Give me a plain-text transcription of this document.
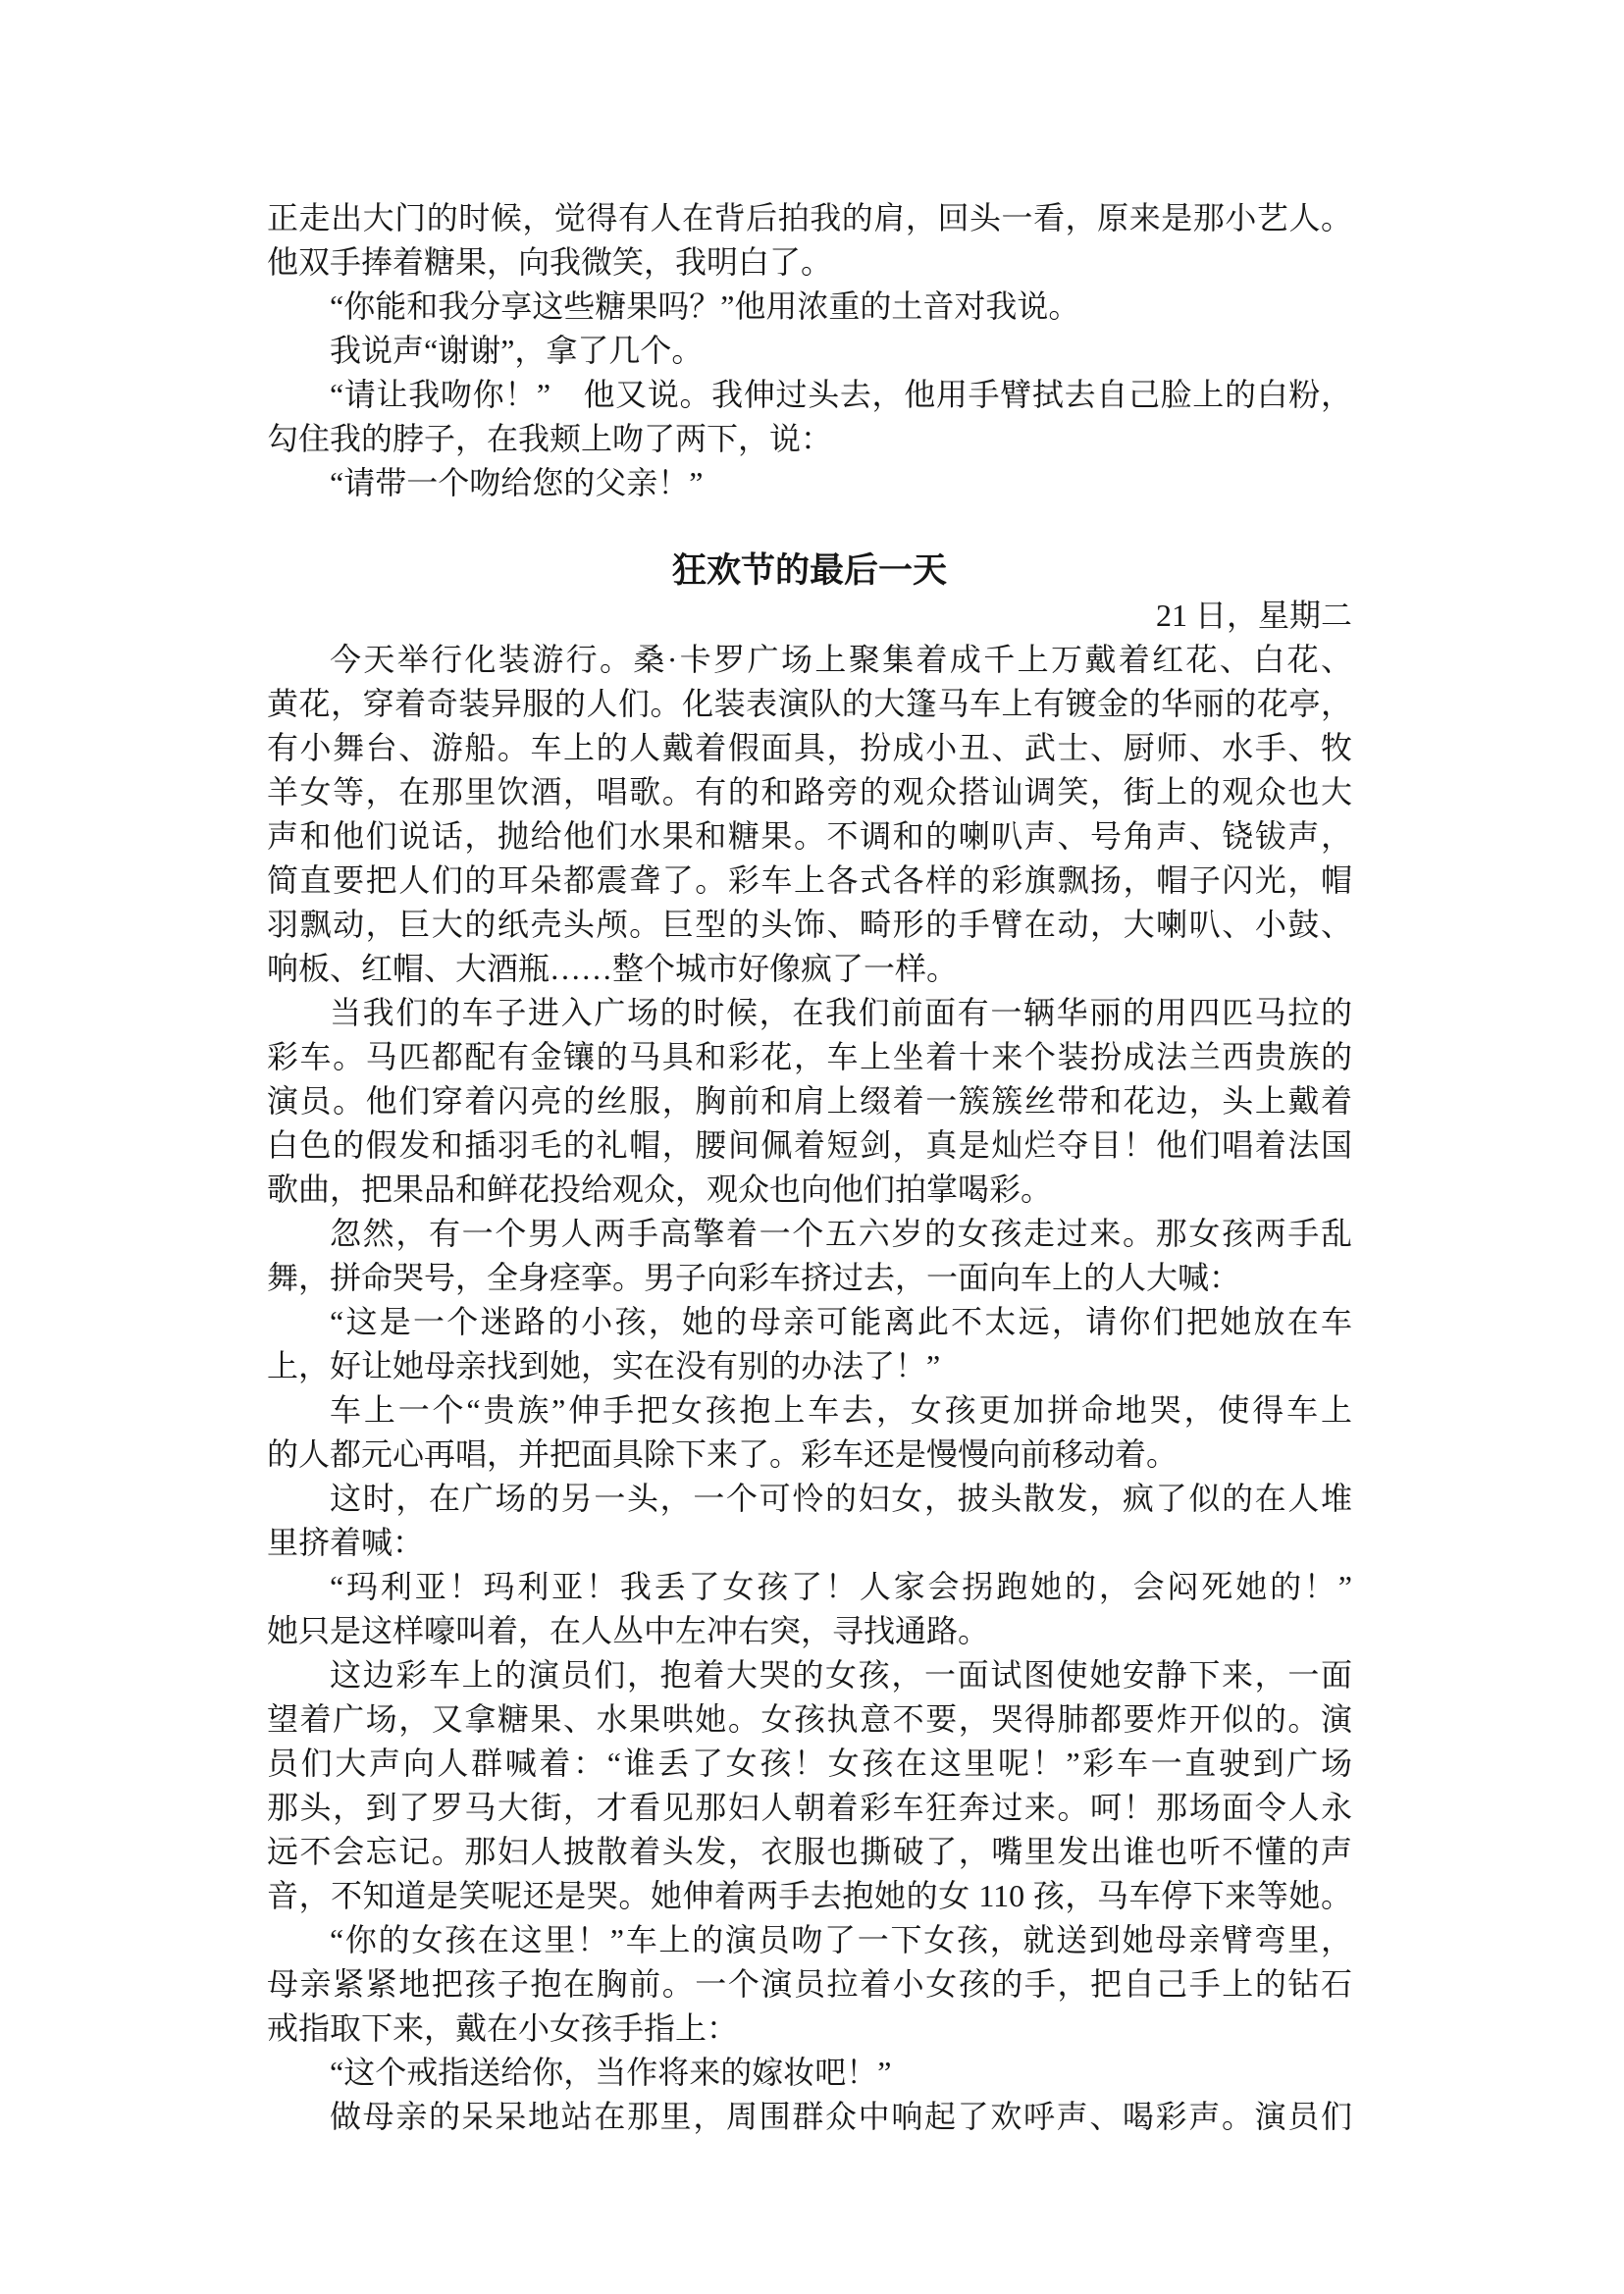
正走出大门的时候，觉得有人在背后拍我的肩，回头一看，原来是那小艺人。
他双手捧着糖果，向我微笑，我明白了。
“你能和我分享这些糖果吗？”他用浓重的土音对我说。
我说声“谢谢”，拿了几个。
“请让我吻你！”　他又说。我伸过头去，他用手臂拭去自己脸上的白粉，
勾住我的脖子，在我颊上吻了两下，说：
“请带一个吻给您的父亲！”
狂欢节的最后一天
21 日，星期二
今天举行化装游行。桑·卡罗广场上聚集着成千上万戴着红花、白花、
黄花，穿着奇装异服的人们。化装表演队的大篷马车上有镀金的华丽的花亭，
有小舞台、游船。车上的人戴着假面具，扮成小丑、武士、厨师、水手、牧
羊女等，在那里饮酒，唱歌。有的和路旁的观众搭讪调笑，街上的观众也大
声和他们说话，抛给他们水果和糖果。不调和的喇叭声、号角声、铙钹声，
简直要把人们的耳朵都震聋了。彩车上各式各样的彩旗飘扬，帽子闪光，帽
羽飘动，巨大的纸壳头颅。巨型的头饰、畸形的手臂在动，大喇叭、小鼓、
响板、红帽、大酒瓶……整个城市好像疯了一样。
当我们的车子进入广场的时候，在我们前面有一辆华丽的用四匹马拉的
彩车。马匹都配有金镶的马具和彩花，车上坐着十来个装扮成法兰西贵族的
演员。他们穿着闪亮的丝服，胸前和肩上缀着一簇簇丝带和花边，头上戴着
白色的假发和插羽毛的礼帽，腰间佩着短剑，真是灿烂夺目！他们唱着法国
歌曲，把果品和鲜花投给观众，观众也向他们拍掌喝彩。
忽然，有一个男人两手高擎着一个五六岁的女孩走过来。那女孩两手乱
舞，拼命哭号，全身痉挛。男子向彩车挤过去，一面向车上的人大喊：
“这是一个迷路的小孩，她的母亲可能离此不太远，请你们把她放在车
上，好让她母亲找到她，实在没有别的办法了！”
车上一个“贵族”伸手把女孩抱上车去，女孩更加拼命地哭，使得车上
的人都元心再唱，并把面具除下来了。彩车还是慢慢向前移动着。
这时，在广场的另一头，一个可怜的妇女，披头散发，疯了似的在人堆
里挤着喊：
“玛利亚！玛利亚！我丢了女孩了！人家会拐跑她的，会闷死她的！”
她只是这样嚎叫着，在人丛中左冲右突，寻找通路。
这边彩车上的演员们，抱着大哭的女孩，一面试图使她安静下来，一面
望着广场，又拿糖果、水果哄她。女孩执意不要，哭得肺都要炸开似的。演
员们大声向人群喊着：“谁丢了女孩！女孩在这里呢！”彩车一直驶到广场
那头，到了罗马大街，才看见那妇人朝着彩车狂奔过来。呵！那场面令人永
远不会忘记。那妇人披散着头发，衣服也撕破了，嘴里发出谁也听不懂的声
音，不知道是笑呢还是哭。她伸着两手去抱她的女 110 孩，马车停下来等她。
“你的女孩在这里！”车上的演员吻了一下女孩，就送到她母亲臂弯里，
母亲紧紧地把孩子抱在胸前。一个演员拉着小女孩的手，把自己手上的钻石
戒指取下来，戴在小女孩手指上：
“这个戒指送给你，当作将来的嫁妆吧！”
做母亲的呆呆地站在那里，周围群众中响起了欢呼声、喝彩声。演员们
